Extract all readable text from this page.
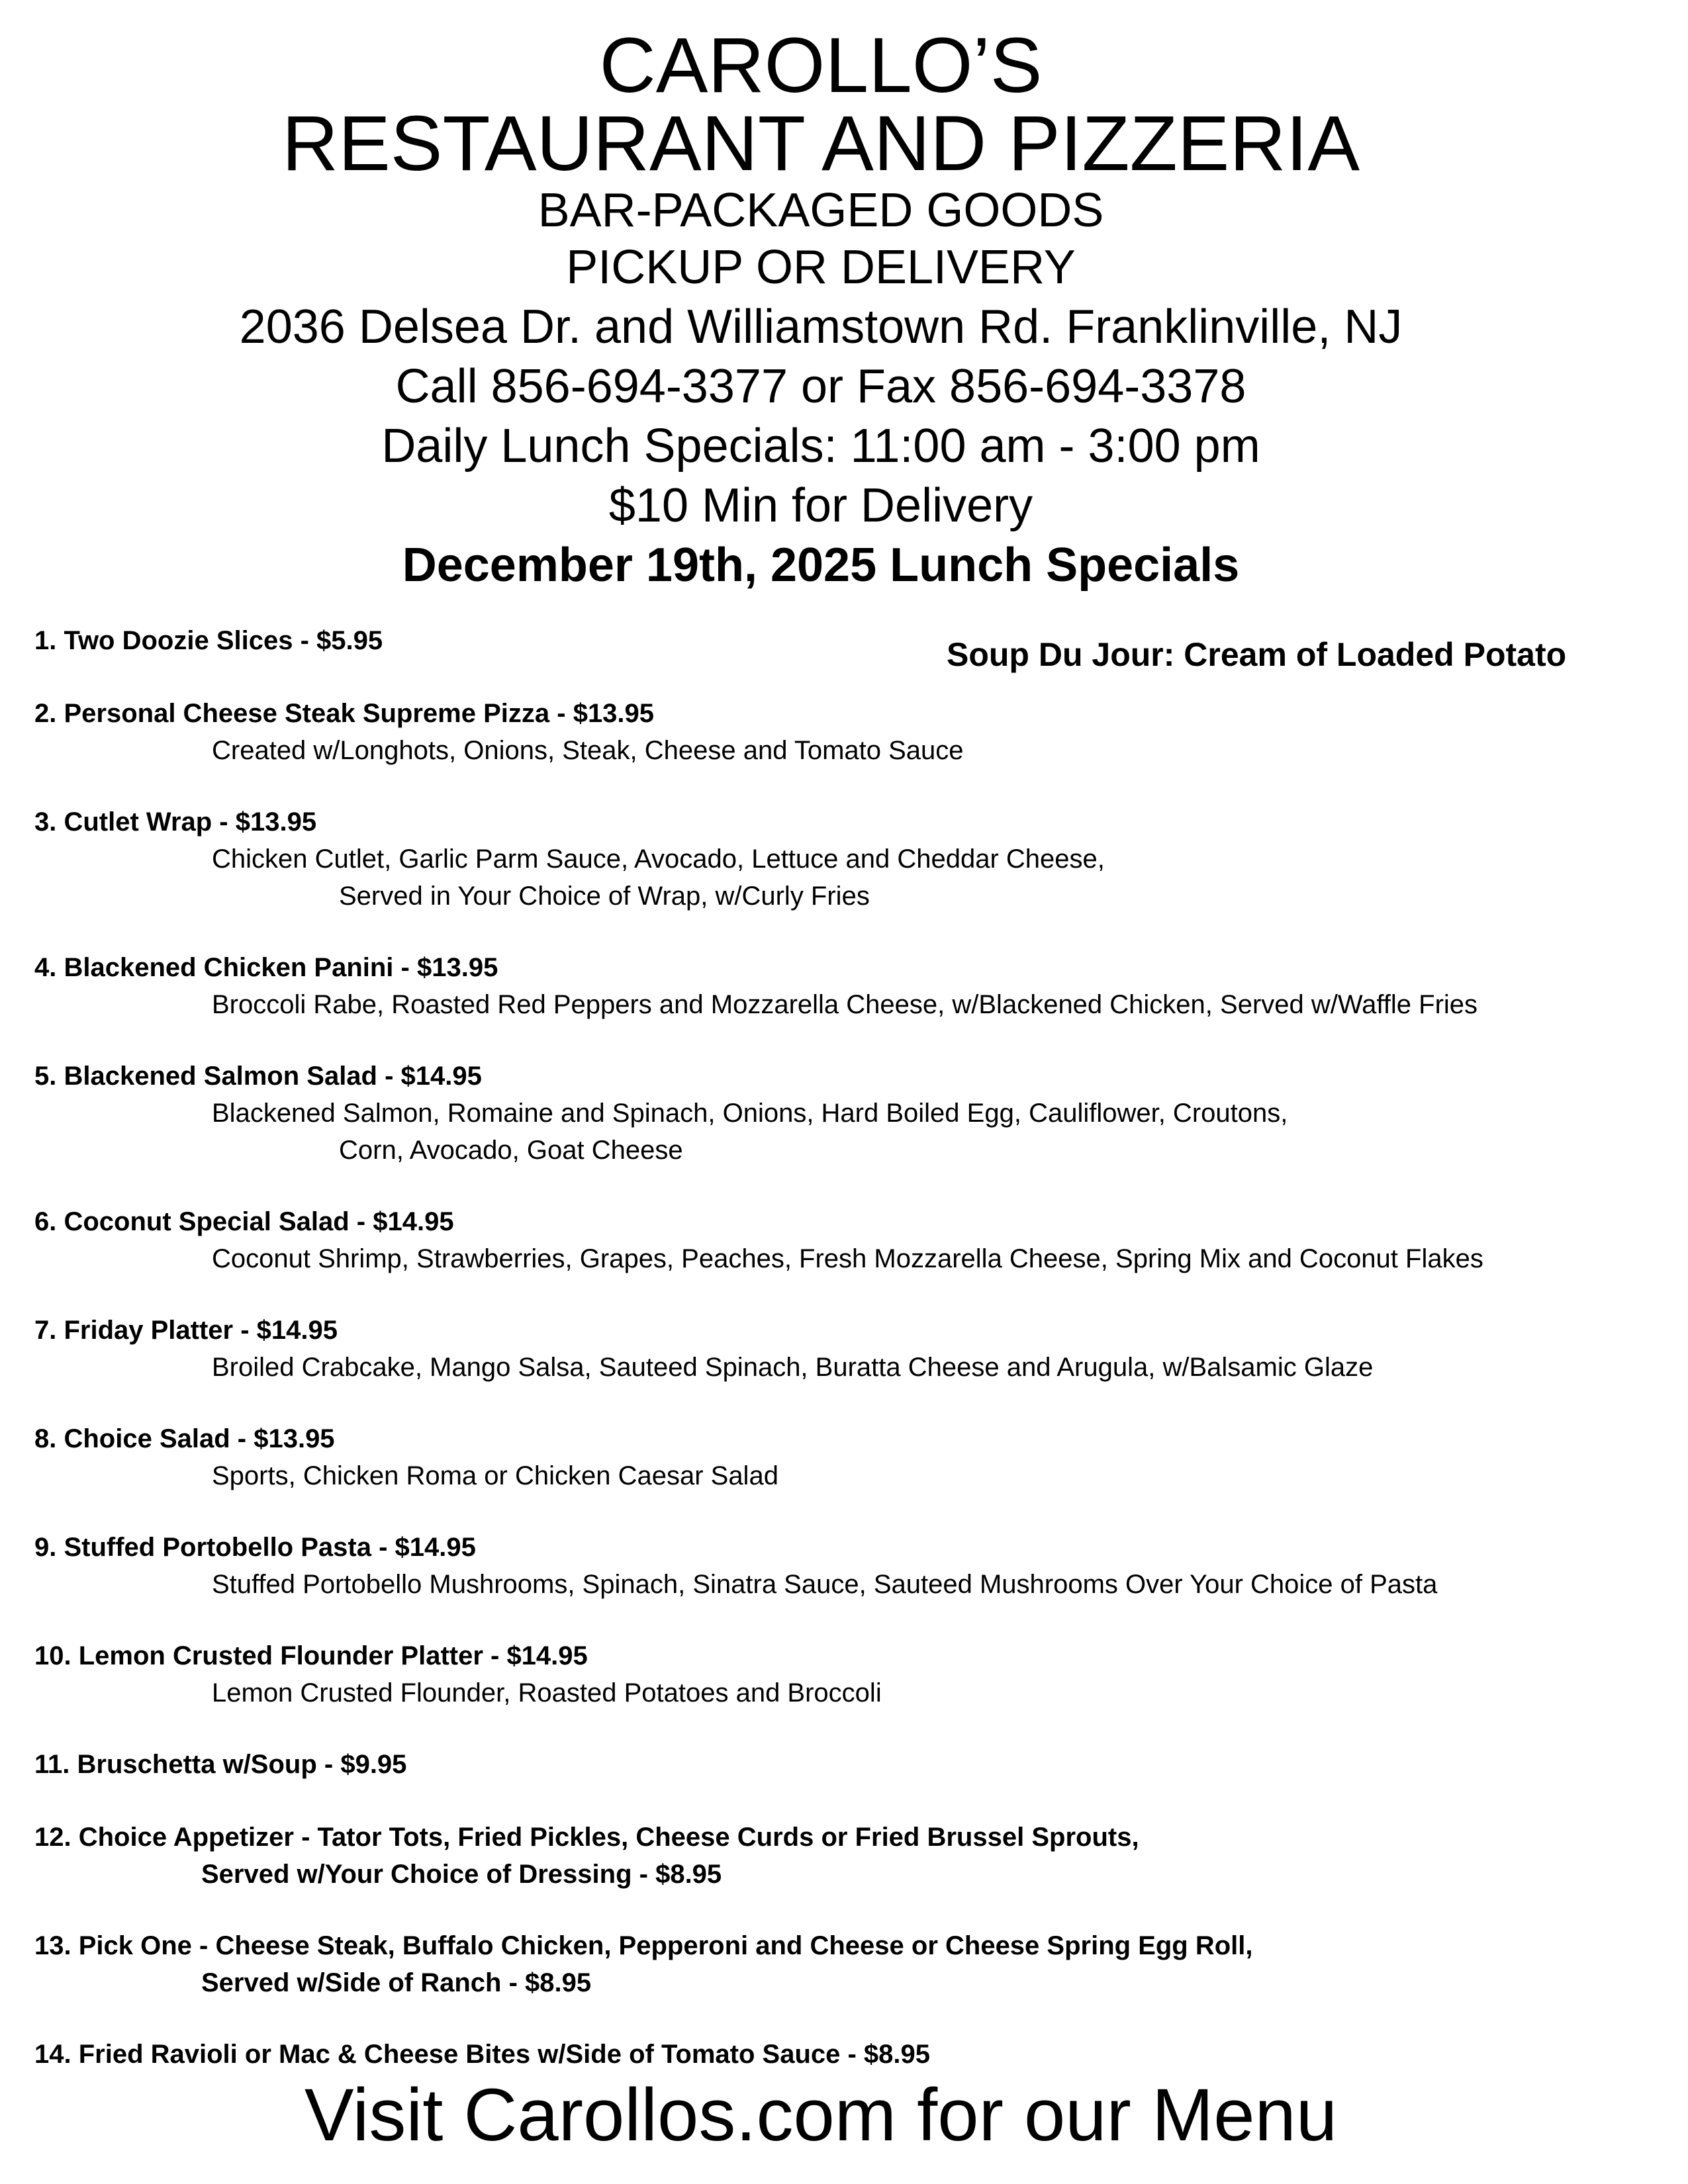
CAROLLO’S
RESTAURANT AND PIZZERIA
BAR-PACKAGED GOODS
PICKUP OR DELIVERY
2036 Delsea Dr. and Williamstown Rd. Franklinville, NJ
Call 856-694-3377 or Fax 856-694-3378
Daily Lunch Specials: 11:00 am - 3:00 pm
$10 Min for Delivery
December 19th, 2025 Lunch Specials
Soup Du Jour: Cream of Loaded Potato
1. Two Doozie Slices - $5.95
2. Personal Cheese Steak Supreme Pizza - $13.95
Created w/Longhots, Onions, Steak, Cheese and Tomato Sauce
3. Cutlet Wrap - $13.95
Chicken Cutlet, Garlic Parm Sauce, Avocado, Lettuce and Cheddar Cheese,
Served in Your Choice of Wrap, w/Curly Fries
4. Blackened Chicken Panini - $13.95
Broccoli Rabe, Roasted Red Peppers and Mozzarella Cheese, w/Blackened Chicken, Served w/Waffle Fries
5. Blackened Salmon Salad - $14.95
Blackened Salmon, Romaine and Spinach, Onions, Hard Boiled Egg, Cauliflower, Croutons,
Corn, Avocado, Goat Cheese
6. Coconut Special Salad - $14.95
Coconut Shrimp, Strawberries, Grapes, Peaches, Fresh Mozzarella Cheese, Spring Mix and Coconut Flakes
7. Friday Platter - $14.95
Broiled Crabcake, Mango Salsa, Sauteed Spinach, Buratta Cheese and Arugula, w/Balsamic Glaze
8. Choice Salad - $13.95
Sports, Chicken Roma or Chicken Caesar Salad
9. Stuffed Portobello Pasta - $14.95
Stuffed Portobello Mushrooms, Spinach, Sinatra Sauce, Sauteed Mushrooms Over Your Choice of Pasta
10. Lemon Crusted Flounder Platter - $14.95
Lemon Crusted Flounder, Roasted Potatoes and Broccoli
11. Bruschetta w/Soup - $9.95
12. Choice Appetizer - Tator Tots, Fried Pickles, Cheese Curds or Fried Brussel Sprouts,
Served w/Your Choice of Dressing - $8.95
13. Pick One - Cheese Steak, Buffalo Chicken, Pepperoni and Cheese or Cheese Spring Egg Roll,
Served w/Side of Ranch - $8.95
14. Fried Ravioli or Mac & Cheese Bites w/Side of Tomato Sauce - $8.95
Visit Carollos.com for our Menu
